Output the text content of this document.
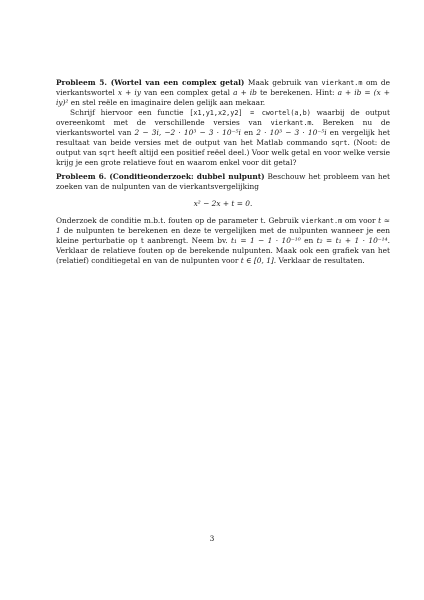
Probleem 5. (Wortel van een complex getal) Maak gebruik van vierkant.m om de vierkantswortel x + iy van een complex getal a + ib te berekenen. Hint: a + ib = (x + iy)² en stel reële en imaginaire delen gelijk aan mekaar.

Schrijf hiervoor een functie [x1,y1,x2,y2] = cwortel(a,b) waarbij de output overeenkomt met de verschillende versies van vierkant.m. Bereken nu de vierkantswortel van 2 − 3i, −2 · 10³ − 3 · 10⁻⁵i en 2 · 10³ − 3 · 10⁻⁵i en vergelijk het resultaat van beide versies met de output van het Matlab commando sqrt. (Noot: de output van sqrt heeft altijd een positief reëel deel.) Voor welk getal en voor welke versie krijg je een grote relatieve fout en waarom enkel voor dit getal?

Probleem 6. (Conditieonderzoek: dubbel nulpunt) Beschouw het probleem van het zoeken van de nulpunten van de vierkantsvergelijking

x² − 2x + t = 0.

Onderzoek de conditie m.b.t. fouten op de parameter t. Gebruik vierkant.m om voor t ≈ 1 de nulpunten te berekenen en deze te vergelijken met de nulpunten wanneer je een kleine perturbatie op t aanbrengt. Neem bv. t₁ = 1 − 1 · 10⁻¹⁰ en t₂ = t₁ + 1 · 10⁻¹⁴. Verklaar de relatieve fouten op de berekende nulpunten. Maak ook een grafiek van het (relatief) conditiegetal en van de nulpunten voor t ∈ [0, 1]. Verklaar de resultaten.

3
